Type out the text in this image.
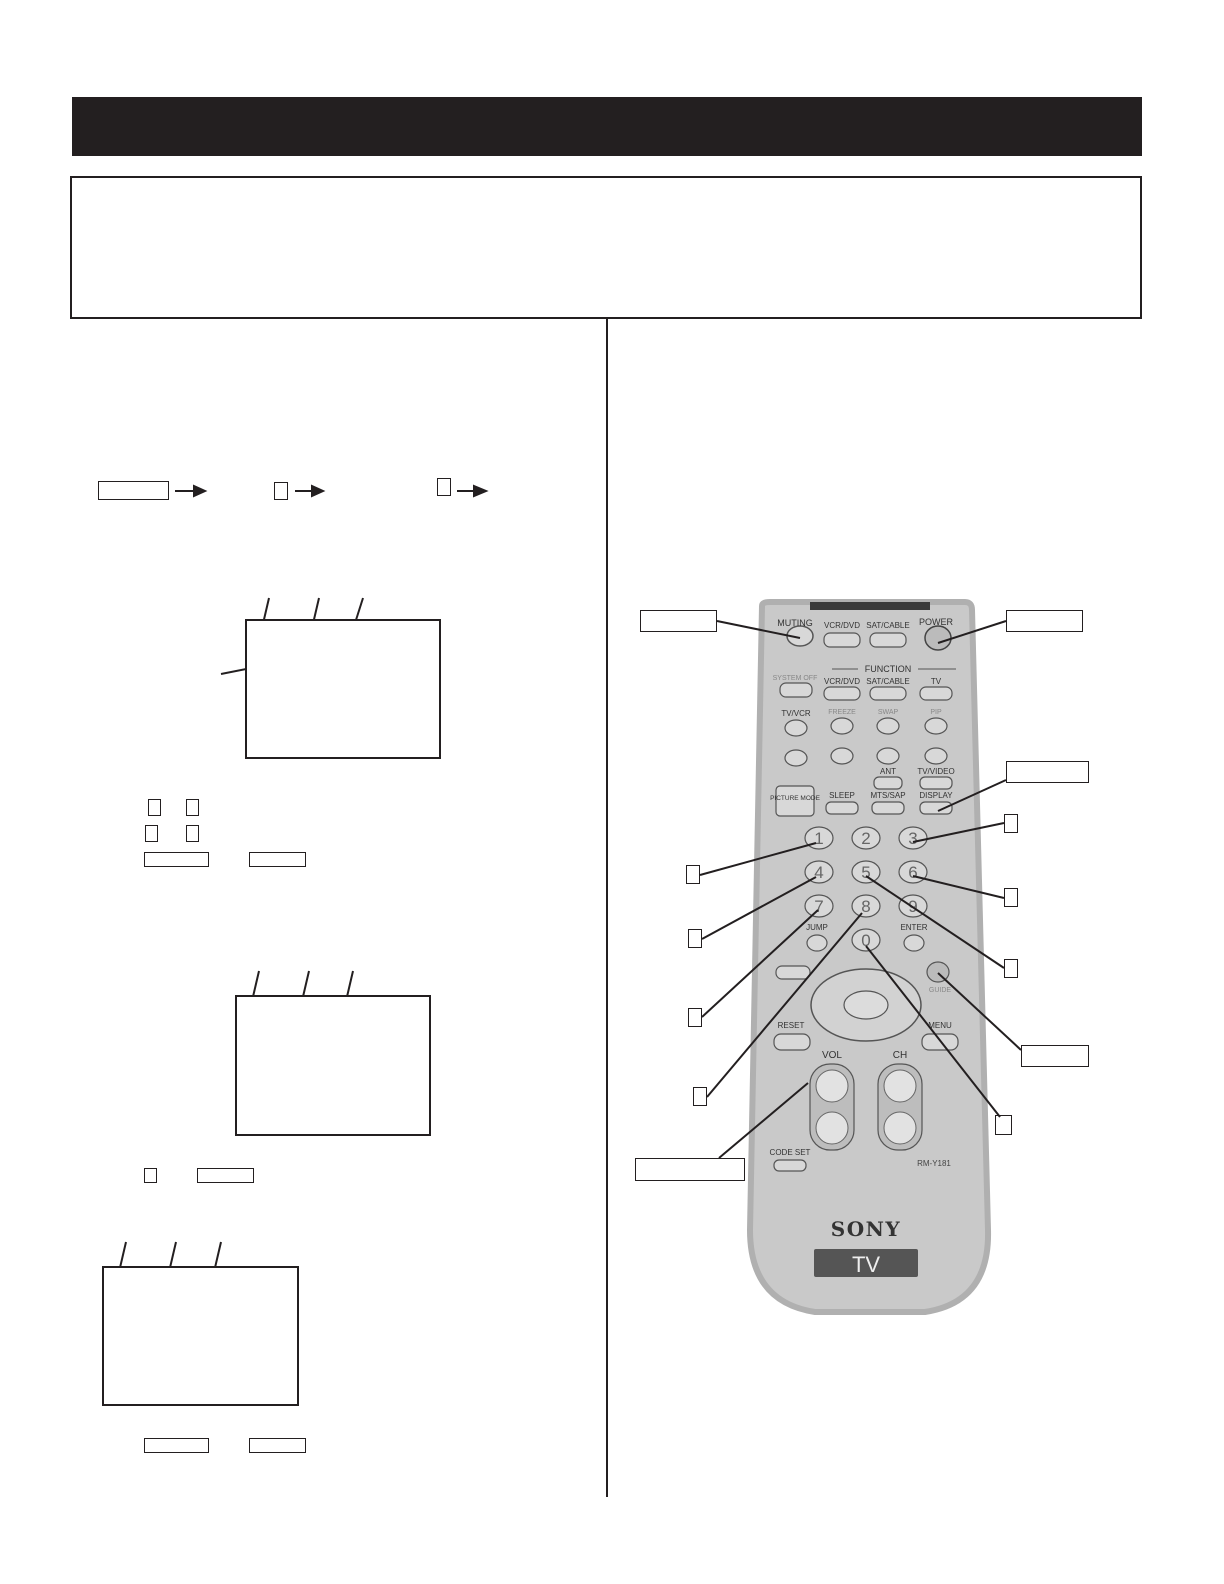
MUTING VCR/DVD SAT/CABLE POWER
FUNCTION
SYSTEM OFF VCR/DVD SAT/CABLE	TV
TV/VCR	FREEZE	SWAP	PIP
ANT	TV/VIDEO
PICTURE MODE SLEEP MTS/SAP DISPLAY
1 2 3
4 5 6
7 8 9
0
JUMP	ENTER
GUIDE
RESET	MENU
VOL	CH
CODE SET
RM-Y181
SONY
TV
